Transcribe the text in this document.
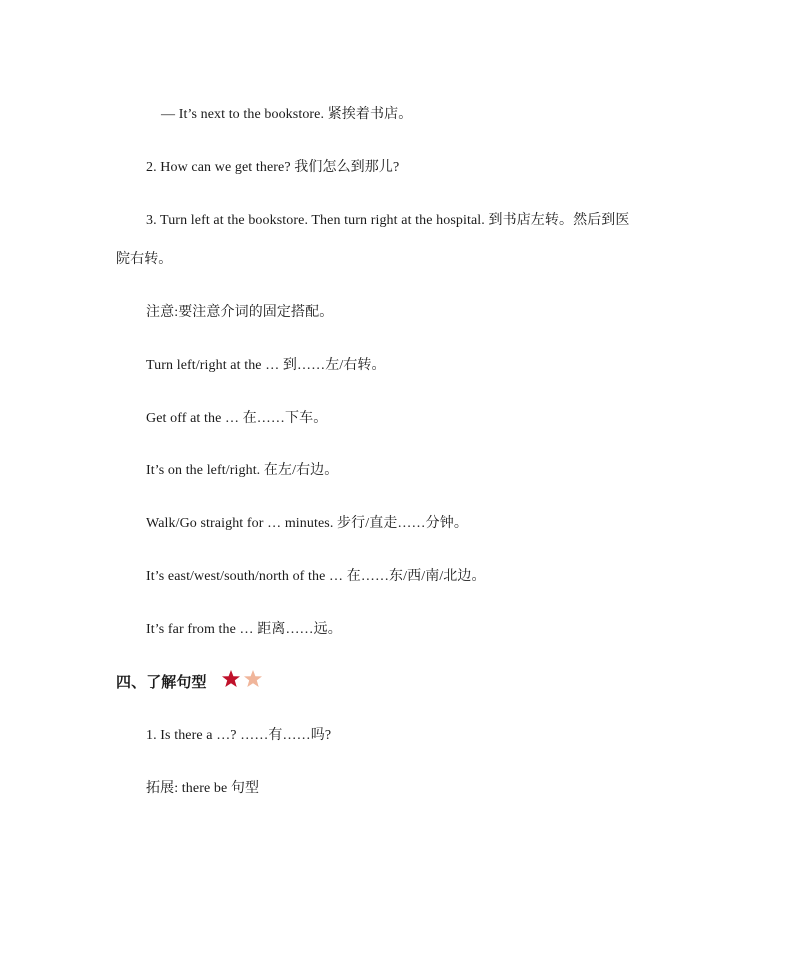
— It’s next to the bookstore. 紧挨着书店。
2. How can we get there? 我们怎么到那儿?
3. Turn left at the bookstore. Then turn right at the hospital. 到书店左转。然后到医
院右转。
注意:要注意介词的固定搭配。
Turn left/right at the … 到……左/右转。
Get off at the … 在……下车。
It’s on the left/right. 在左/右边。
Walk/Go straight for … minutes. 步行/直走……分钟。
It’s east/west/south/north of the … 在……东/西/南/北边。
It’s far from the … 距离……远。
四、了解句型
1. Is there a …? ……有……吗?
拓展: there be 句型
